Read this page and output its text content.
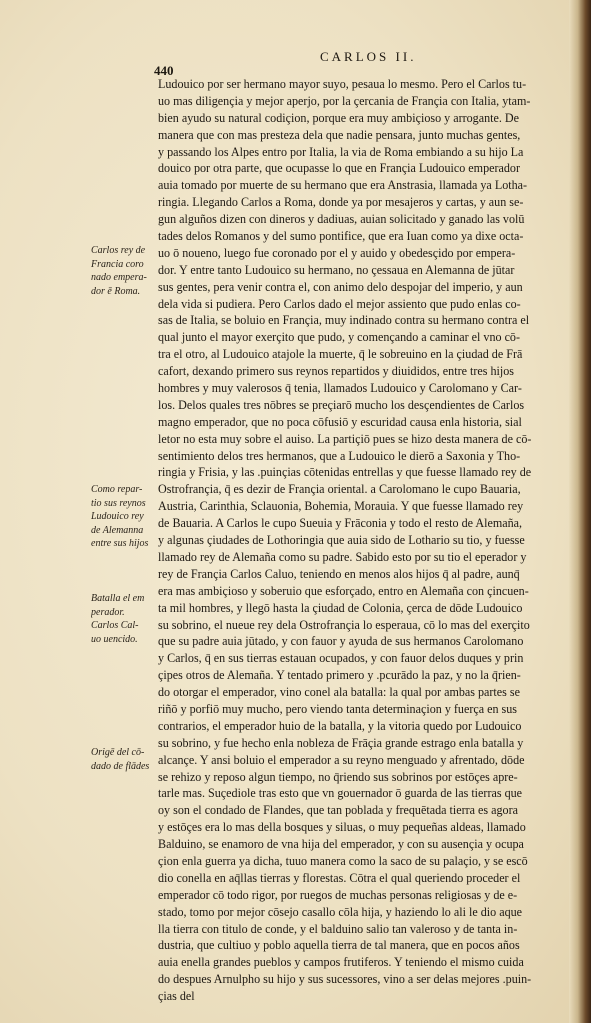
440
CARLOS II.
Ludouico por ser hermano mayor suyo, pesaua lo mesmo. Pero el Carlos tu-
uo mas diligençia y mejor aperjo, por la çercania de Françia con Italia, ytam-
bien ayudo su natural codiçion, porque era muy ambiçioso y arrogante. De
manera que con mas presteza dela que nadie pensara, junto muchas gentes,
y passando los Alpes entro por Italia, la via de Roma embiando a su hijo La
douico por otra parte, que ocupasse lo que en Françia Ludouico emperador
auia tomado por muerte de su hermano que era Anstrasia, llamada ya Lotha-
ringia. Llegando Carlos a Roma, donde ya por mesajeros y cartas, y aun se-
gun alguños dizen con dineros y dadiuas, auian solicitado y ganado las volū
tades delos Romanos y del sumo pontifice, que era Iuan como ya dixe octa-
uo ō noueno, luego fue coronado por el y auido y obedesçido por empera-
dor. Y entre tanto Ludouico su hermano, no çessaua en Alemanna de jūtar
sus gentes, pera venir contra el, con animo delo despojar del imperio, y aun
dela vida si pudiera. Pero Carlos dado el mejor assiento que pudo enlas co-
sas de Italia, se boluio en Françia, muy indinado contra su hermano contra el
qual junto el mayor exerçito que pudo, y començando a caminar el vno cō-
tra el otro, al Ludouico atajole la muerte, q̄ le sobreuino en la çiudad de Frā
cafort, dexando primero sus reynos repartidos y diuididos, entre tres hijos
hombres y muy valerosos q̄ tenia, llamados Ludouico y Carolomano y Car-
los. Delos quales tres nōbres se preçiarō mucho los desçendientes de Carlos
magno emperador, que no poca cōfusiō y escuridad causa enla historia, sial
letor no esta muy sobre el auiso. La partiçiō pues se hizo desta manera de cō-
sentimiento delos tres hermanos, que a Ludouico le dierō a Saxonia y Tho-
ringia y Frisia, y las .puinçias cōtenidas entrellas y que fuesse llamado rey de
Ostrofrançia, q̄ es dezir de Françia oriental. a Carolomano le cupo Bauaria,
Austria, Carinthia, Sclauonia, Bohemia, Morauia. Y que fuesse llamado rey
de Bauaria. A Carlos le cupo Sueuia y Frāconia y todo el resto de Alemaña,
y algunas çiudades de Lothoringia que auia sido de Lothario su tio, y fuesse
llamado rey de Alemaña como su padre. Sabido esto por su tio el eperador y
rey de Françia Carlos Caluo, teniendo en menos alos hijos q̄ al padre, aunq̄
era mas ambiçioso y soberuio que esforçado, entro en Alemaña con çincuen-
ta mil hombres, y llegō hasta la çiudad de Colonia, çerca de dōde Ludouico
su sobrino, el nueue rey dela Ostrofrançia lo esperaua, cō lo mas del exerçito
que su padre auia jūtado, y con fauor y ayuda de sus hermanos Carolomano
y Carlos, q̄ en sus tierras estauan ocupados, y con fauor delos duques y prin
çipes otros de Alemaña. Y tentado primero y .pcurādo la paz, y no la q̄rien-
do otorgar el emperador, vino conel ala batalla: la qual por ambas partes se
riñō y porfiō muy mucho, pero viendo tanta determinaçion y fuerça en sus
contrarios, el emperador huio de la batalla, y la vitoria quedo por Ludouico
su sobrino, y fue hecho enla nobleza de Frāçia grande estrago enla batalla y
alcançe. Y ansi boluio el emperador a su reyno menguado y afrentado, dōde
se rehizo y reposo algun tiempo, no q̄riendo sus sobrinos por estōçes apre-
tarle mas. Suçediole tras esto que vn gouernador ō guarda de las tierras que
oy son el condado de Flandes, que tan poblada y frequētada tierra es agora
y estōçes era lo mas della bosques y siluas, o muy pequeñas aldeas, llamado
Balduino, se enamoro de vna hija del emperador, y con su ausençia y ocupa
çion enla guerra ya dicha, tuuo manera como la saco de su palaçio, y se escō
dio conella en aq̄llas tierras y florestas. Cōtra el qual queriendo proceder el
emperador cō todo rigor, por ruegos de muchas personas religiosas y de e-
stado, tomo por mejor cōsejo casallo cōla hija, y haziendo lo ali le dio aque
lla tierra con titulo de conde, y el balduino salio tan valeroso y de tanta in-
dustria, que cultiuo y poblo aquella tierra de tal manera, que en pocos años
auia enella grandes pueblos y campos frutiferos. Y teniendo el mismo cuida
do despues Arnulpho su hijo y sus sucessores, vino a ser delas mejores .puin-
çias del
Carlos rey de
Francia coro
nado empera-
dor ē Roma.
Como repar-
tio sus reynos
Ludouico rey
de Alemanna
entre sus hijos
Batalla el em
perador.
Carlos Cal-
uo uencido.
Origē del cō-
dado de flādes
